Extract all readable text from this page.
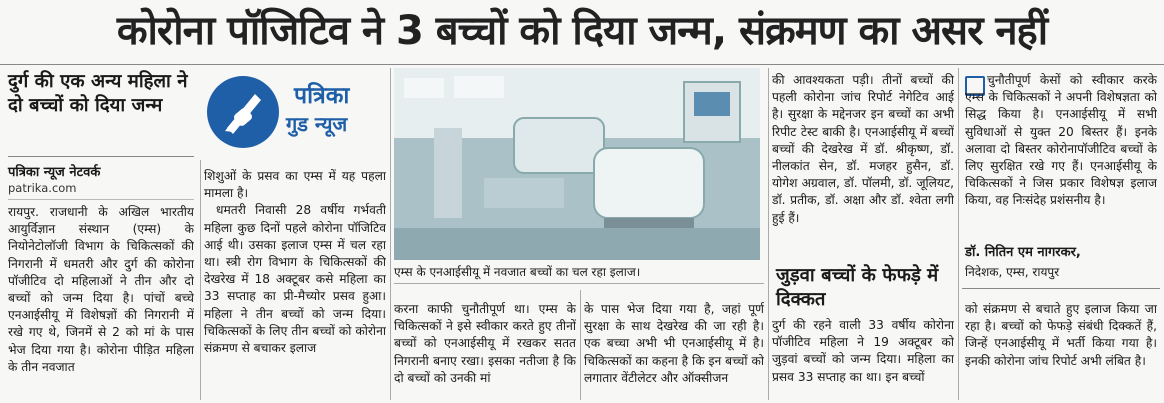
कोरोना पॉजिटिव ने 3 बच्चों को दिया जन्म, संक्रमण का असर नहीं
दुर्ग की एक अन्य महिला ने दो बच्चों को दिया जन्म
पत्रिका न्यूज नेटवर्क
patrika.com

रायपुर. राजधानी के अखिल भारतीय आयुर्विज्ञान संस्थान (एम्स) के नियोनेटोलॉजी विभाग के चिकित्सकों की निगरानी में धमतरी और दुर्ग की कोरोना पॉजीटिव दो महिलाओं ने तीन और दो बच्चों को जन्म दिया है। पांचों बच्चे एनआईसीयू में विशेषज्ञों की निगरानी में रखे गए थे, जिनमें से 2 को मां के पास भेज दिया गया है। कोरोना पीड़ित महिला के तीन नवजात

पत्रिका
गुड न्यूज

शिशुओं के प्रसव का एम्स में यह पहला मामला है।

धमतरी निवासी 28 वर्षीय गर्भवती महिला कुछ दिनों पहले कोरोना पॉजिटिव आई थी। उसका इलाज एम्स में चल रहा था। स्त्री रोग विभाग के चिकित्सकों की देखरेख में 18 अक्टूबर कसे महिला का 33 सप्ताह का प्री-मैच्योर प्रसव हुआ। महिला ने तीन बच्चों को जन्म दिया। चिकित्सकों के लिए तीन बच्चों को कोरोना संक्रमण से बचाकर इलाज

एम्स के एनआईसीयू में नवजात बच्चों का चल रहा इलाज।

करना काफी चुनौतीपूर्ण था। एम्स के चिकित्सकों ने इसे स्वीकार करते हुए तीनों बच्चों को एनआईसीयू में रखकर सतत निगरानी बनाए रखा। इसका नतीजा है कि दो बच्चों को उनकी मां

के पास भेज दिया गया है, जहां पूर्ण सुरक्षा के साथ देखरेख की जा रही है। एक बच्चा अभी भी एनआईसीयू में है। चिकित्सकों का कहना है कि इन बच्चों को लगातार वेंटीलेटर और ऑक्सीजन

की आवश्यकता पड़ी। तीनों बच्चों की पहली कोरोना जांच रिपोर्ट नेगेटिव आई है। सुरक्षा के मद्देनजर इन बच्चों का अभी रिपीट टेस्ट बाकी है। एनआईसीयू में बच्चों बच्चों की देखरेख में डॉ. श्रीकृष्ण, डॉ. नीलकांत सेन, डॉ. मजहर हुसैन, डॉ. योगेश अग्रवाल, डॉ. पॉलमी, डॉ. जूलियट, डॉ. प्रतीक, डॉ. अक्षा और डॉ. श्वेता लगी हुई हैं।

जुड़वा बच्चों के फेफड़े में दिक्कत

दुर्ग की रहने वाली 33 वर्षीय कोरोना पॉजीटिव महिला ने 19 अक्टूबर को जुड़वां बच्चों को जन्म दिया। महिला का प्रसव 33 सप्ताह का था। इन बच्चों

चुनौतीपूर्ण केसों को स्वीकार करके एम्स के चिकित्सकों ने अपनी विशेषज्ञता को सिद्ध किया है। एनआईसीयू में सभी सुविधाओं से युक्त 20 बिस्तर हैं। इनके अलावा दो बिस्तर कोरोनापॉजीटिव बच्चों के लिए सुरक्षित रखे गए हैं। एनआईसीयू के चिकित्सकों ने जिस प्रकार विशेषज्ञ इलाज किया, वह निःसंदेह प्रशंसनीय है।

डॉ. नितिन एम नागरकर,
निदेशक, एम्स, रायपुर

को संक्रमण से बचाते हुए इलाज किया जा रहा है। बच्चों को फेफड़े संबंधी दिक्कतें हैं, जिन्हें एनआईसीयू में भर्ती किया गया है। इनकी कोरोना जांच रिपोर्ट अभी लंबित है।
